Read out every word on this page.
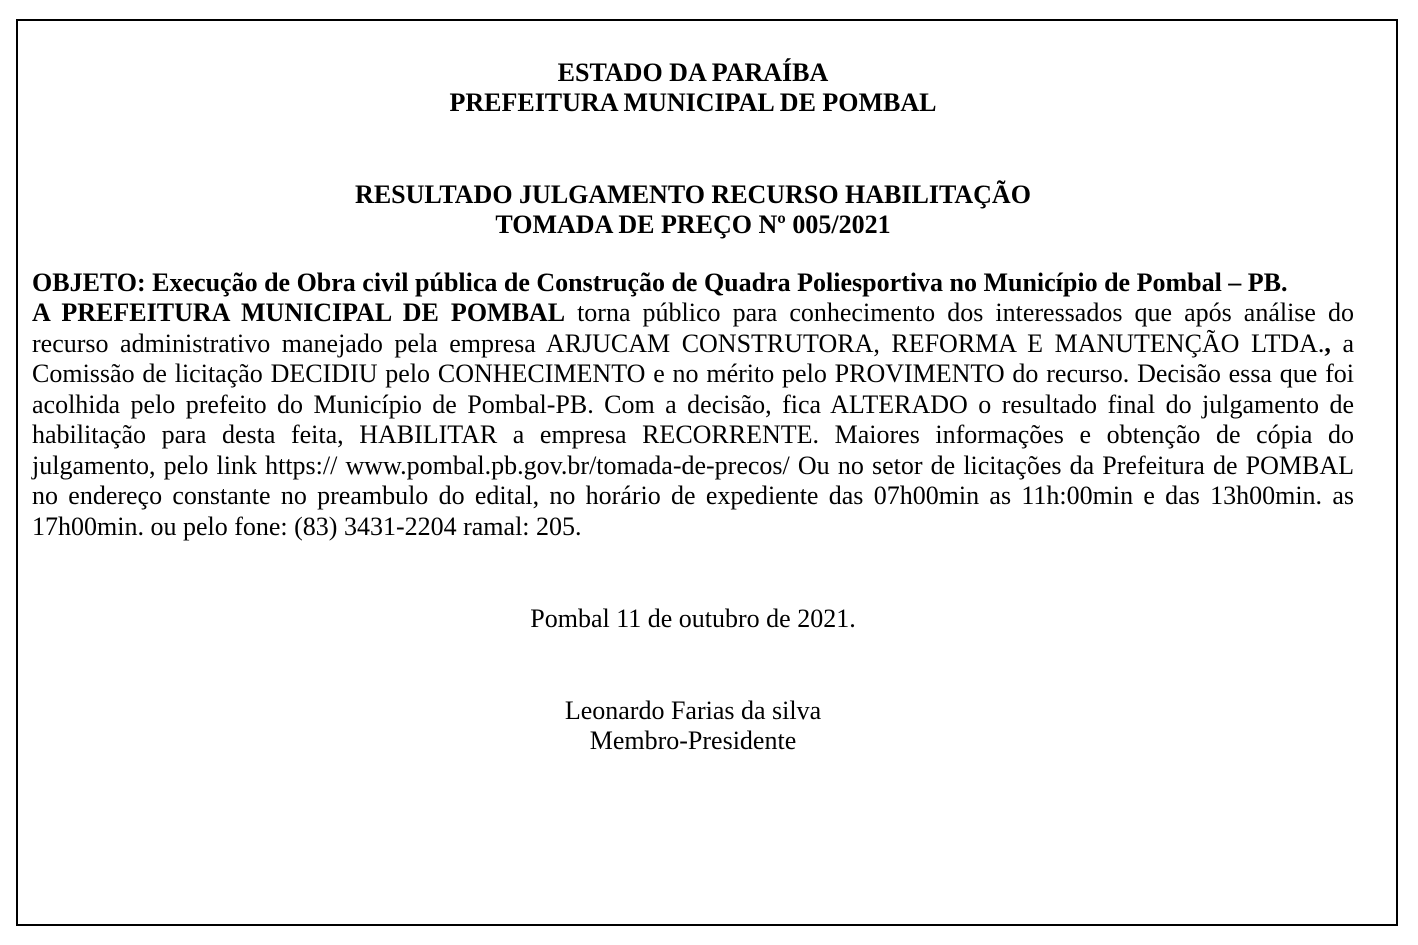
ESTADO DA PARAÍBA
PREFEITURA MUNICIPAL DE POMBAL
RESULTADO JULGAMENTO RECURSO HABILITAÇÃO
TOMADA DE PREÇO Nº 005/2021
OBJETO: Execução de Obra civil pública de Construção de Quadra Poliesportiva no Município de Pombal – PB.
A PREFEITURA MUNICIPAL DE POMBAL torna público para conhecimento dos interessados que após análise do recurso administrativo manejado pela empresa ARJUCAM CONSTRUTORA, REFORMA E MANUTENÇÃO LTDA., a Comissão de licitação DECIDIU pelo CONHECIMENTO e no mérito pelo PROVIMENTO do recurso. Decisão essa que foi acolhida pelo prefeito do Município de Pombal-PB. Com a decisão, fica ALTERADO o resultado final do julgamento de habilitação para desta feita, HABILITAR a empresa RECORRENTE. Maiores informações e obtenção de cópia do julgamento, pelo link https:// www.pombal.pb.gov.br/tomada-de-precos/ Ou no setor de licitações da Prefeitura de POMBAL no endereço constante no preambulo do edital, no horário de expediente das 07h00min as 11h:00min e das 13h00min. as 17h00min. ou pelo fone: (83) 3431-2204 ramal: 205.
Pombal 11 de outubro de 2021.
Leonardo Farias da silva
Membro-Presidente
